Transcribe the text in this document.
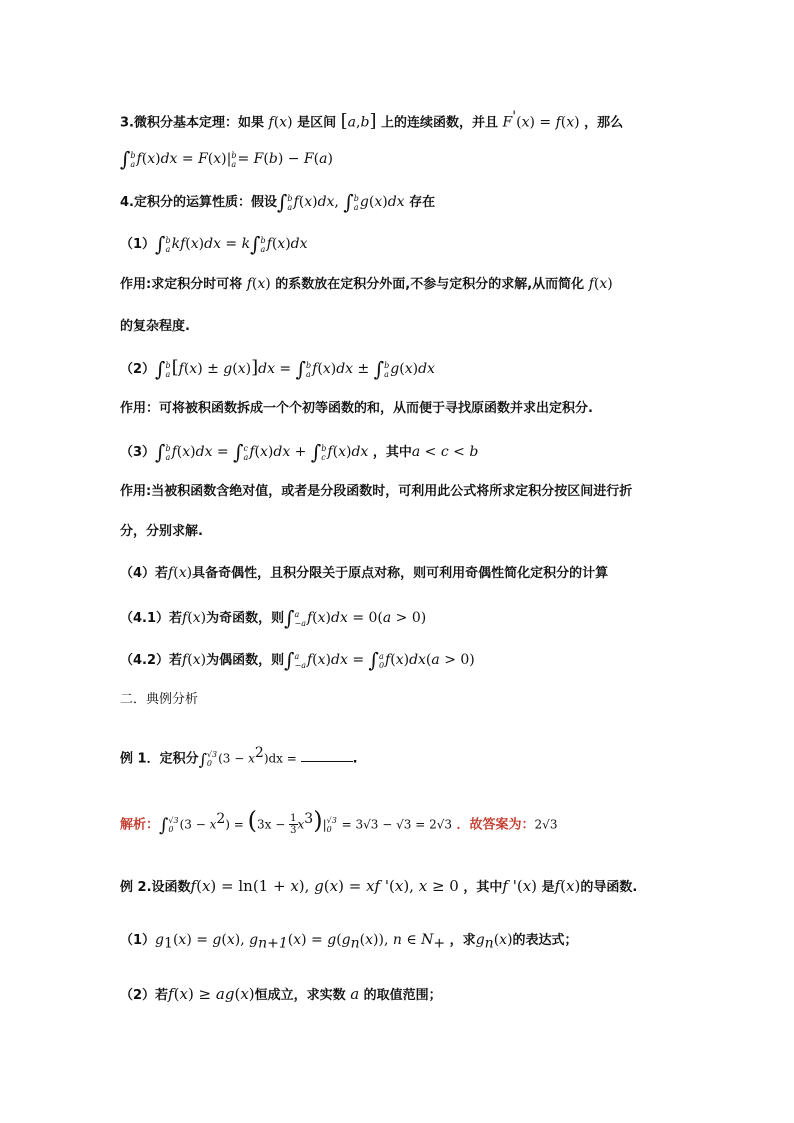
3.微积分基本定理：如果 f(x) 是区间 [a,b] 上的连续函数，并且 F'(x) = f(x) ，那么
∫ b
a f(x)dx = F(x)| b
a = F(b) − F(a)
4.定积分的运算性质：假设∫ b
a f(x)dx, ∫ b
a g(x)dx 存在
（1）∫ b
a kf(x)dx = k∫ b
a f(x)dx
作用:求定积分时可将 f(x) 的系数放在定积分外面,不参与定积分的求解,从而简化 f(x)
的复杂程度.
（2）∫ b
a [f(x) ± g(x)]dx = ∫ b
a f(x)dx ± ∫ b
a g(x)dx
作用：可将被积函数拆成一个个初等函数的和，从而便于寻找原函数并求出定积分.
（3）∫ b
a f(x)dx = ∫ c
a f(x)dx + ∫ b
c f(x)dx ，其中a < c < b
作用:当被积函数含绝对值，或者是分段函数时，可利用此公式将所求定积分按区间进行折
分，分别求解.
（4）若f(x)具备奇偶性，且积分限关于原点对称，则可利用奇偶性简化定积分的计算
（4.1）若f(x)为奇函数，则∫ a
−a f(x)dx = 0(a > 0)
（4.2）若f(x)为偶函数，则∫ a
−a f(x)dx = ∫ a
0 f(x)dx(a > 0)
二．典例分析
例 1．定积分∫ √3
0 $(3 - x^2)dx$ =	.
解析：∫ √3
0 $(3 - x^2) = (3x - \frac{1}{3} x^3)|$ √3
0 = 3√3 − √3 = 2√3 ．故答案为：2√3
例 2.设函数f(x) = ln(1 + x), g(x) = xf '(x), x ≥ 0 ，其中f '(x) 是f(x)的导函数.
$(1)g_1(x) = g(x)$, $g_{n+1}(x) = g(g_n(x))$, n ∈ $N_+$ ，求$g_n(x)$的表达式；
（2）若f(x) ≥ ag(x)恒成立，求实数 a 的取值范围；
